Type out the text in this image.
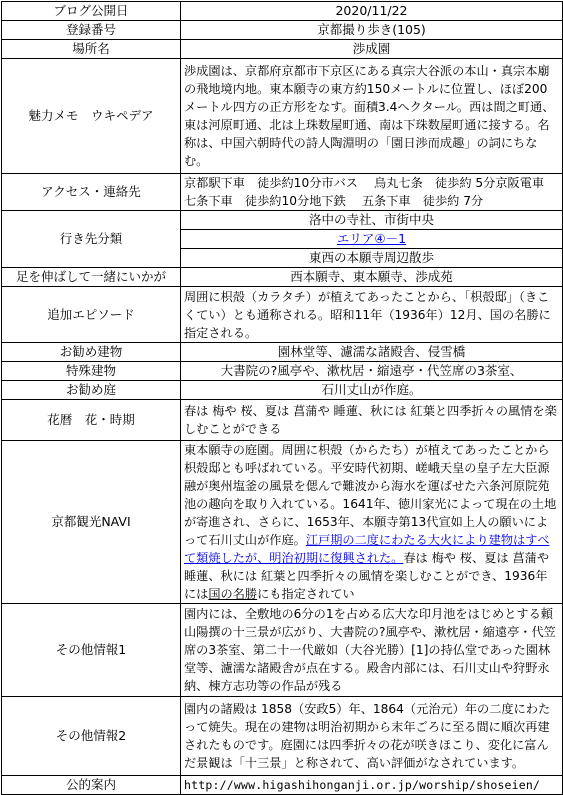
ブログ公開日	2020/11/22
登録番号	京都撮り歩き(105)
場所名	渉成園
魅力メモ　ウキペデア	渉成園は、京都府京都市下京区にある真宗大谷派の本山・真宗本廟の飛地境内地。東本願寺の東方約150メートルに位置し、ほぼ200メートル四方の正方形をなす。面積3.4ヘクタール。西は間之町通、東は河原町通、北は上珠数屋町通、南は下珠数屋町通に接する。名称は、中国六朝時代の詩人陶淵明の「園日渉而成趣」の詞にちなむ。
アクセス・連絡先	京都駅下車　徒歩約10分市バス　 烏丸七条　徒歩約 5分京阪電車　七条下車　徒歩約10分地下鉄　 五条下車　徒歩約 7分
行き先分類	洛中の寺社、市街中央
	エリア④－1
	東西の本願寺周辺散歩
足を伸ばして一緒にいかが	西本願寺、東本願寺、渉成苑
追加エピソード	周囲に枳殻（カラタチ）が植えてあったことから、「枳殻邸」（きこくてい）とも通称される。昭和11年（1936年）12月、国の名勝に指定される。
お勧め建物	園林堂等、濾濡な諸殿舎、侵雪橋
特殊建物	大書院の?風亭や、漱枕居・縮遠亭・代笠席の3茶室、
お勧め庭	石川丈山が作庭。
花暦　花・時期	春は 梅や 桜、夏は 菖蒲や 睡蓮、秋には 紅葉と四季折々の風情を楽しむことができる
京都観光NAVI	東本願寺の庭園。周囲に枳殻（からたち）が植えてあったことから枳殻邸とも呼ばれている。平安時代初期、嵯峨天皇の皇子左大臣源融が奥州塩釜の風景を偲んで難波から海水を運ばせた六条河原院苑池の趣向を取り入れている。1641年、徳川家光によって現在の土地が寄進され、さらに、1653年、本願寺第13代宣如上人の願いによって石川丈山が作庭。江戸期の二度にわたる大火により建物はすべて類焼したが、明治初期に復興された。春は 梅や 桜、夏は 菖蒲や 睡蓮、秋には 紅葉と四季折々の風情を楽しむことができ、1936年には国の名勝にも指定されてい
その他情報1	園内には、全敷地の6分の1を占める広大な印月池をはじめとする頼山陽撰の十三景が広がり、大書院の?風亭や、漱枕居・縮遠亭・代笠席の3茶室、第二十一代厳如（大谷光勝）[1]の持仏堂であった園林堂等、濾濡な諸殿舎が点在する。殿舎内部には、石川丈山や狩野永納、棟方志功等の作品が残る
その他情報2	園内の諸殿は 1858（安政5）年、1864（元治元）年の二度にわたって焼失。現在の建物は明治初期から末年ごろに至る間に順次再建されたものです。庭園には四季折々の花が咲きほこり、変化に富んだ景観は「十三景」と称されて、高い評価がなされています。
公的案内	http://www.higashihonganji.or.jp/worship/shoseien/
